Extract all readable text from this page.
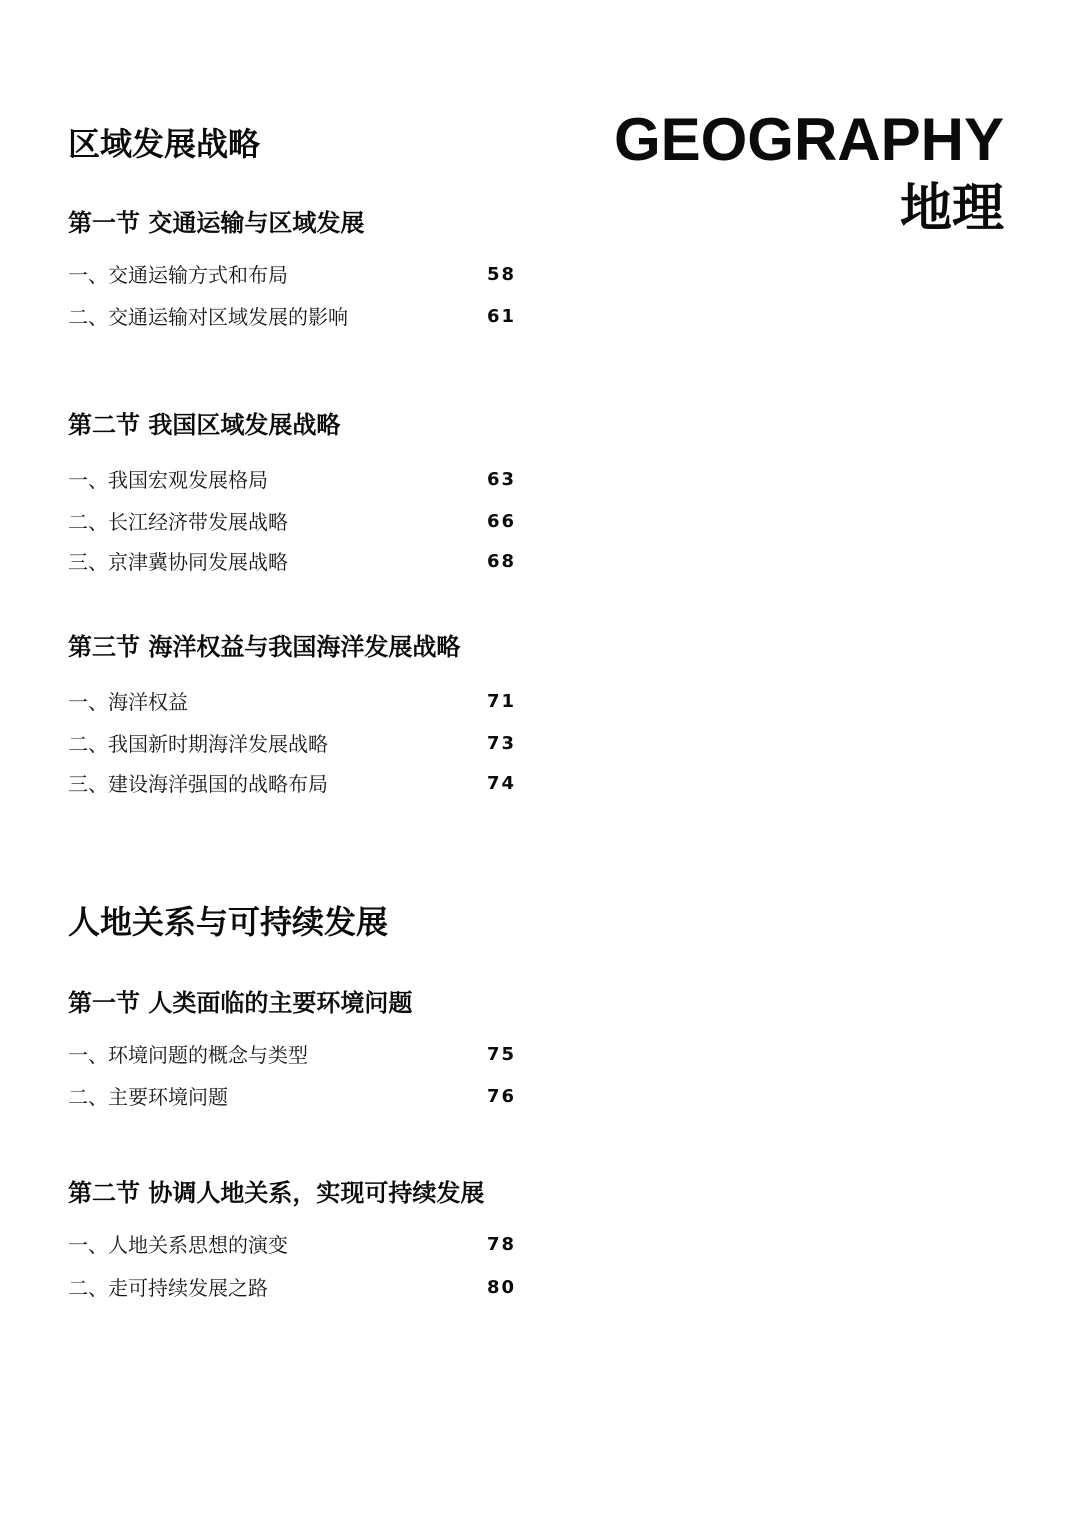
GEOGRAPHY
地理
区域发展战略
第一节 交通运输与区域发展
一、交通运输方式和布局	58
二、交通运输对区域发展的影响	61
第二节 我国区域发展战略
一、我国宏观发展格局	63
二、长江经济带发展战略	66
三、京津冀协同发展战略	68
第三节 海洋权益与我国海洋发展战略
一、海洋权益	71
二、我国新时期海洋发展战略	73
三、建设海洋强国的战略布局	74
人地关系与可持续发展
第一节 人类面临的主要环境问题
一、环境问题的概念与类型	75
二、主要环境问题	76
第二节 协调人地关系，实现可持续发展
一、人地关系思想的演变	78
二、走可持续发展之路	80
